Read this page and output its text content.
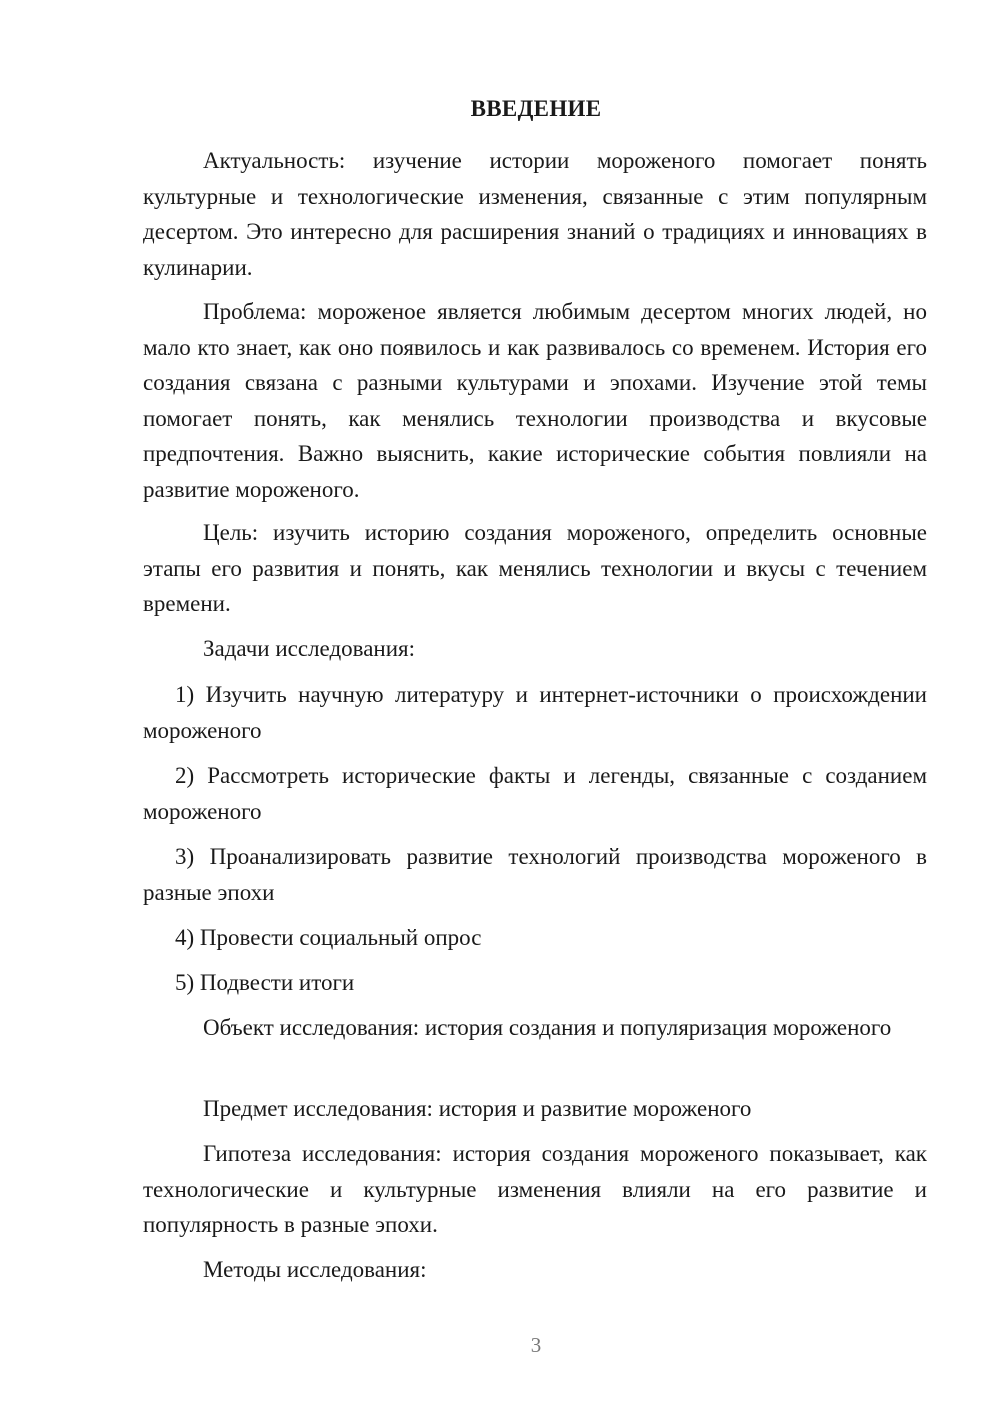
ВВЕДЕНИЕ
Актуальность: изучение истории мороженого помогает понять культурные и технологические изменения, связанные с этим популярным десертом. Это интересно для расширения знаний о традициях и инновациях в кулинарии.
Проблема: мороженое является любимым десертом многих людей, но мало кто знает, как оно появилось и как развивалось со временем. История его создания связана с разными культурами и эпохами. Изучение этой темы помогает понять, как менялись технологии производства и вкусовые предпочтения. Важно выяснить, какие исторические события повлияли на развитие мороженого.
Цель: изучить историю создания мороженого, определить основные этапы его развития и понять, как менялись технологии и вкусы с течением времени.
Задачи исследования:
1) Изучить научную литературу и интернет-источники о происхождении мороженого
2) Рассмотреть исторические факты и легенды, связанные с созданием мороженого
3) Проанализировать развитие технологий производства мороженого в разные эпохи
4) Провести социальный опрос
5) Подвести итоги
Объект исследования: история создания и популяризация мороженого
Предмет исследования: история и развитие мороженого
Гипотеза исследования: история создания мороженого показывает, как технологические и культурные изменения влияли на его развитие и популярность в разные эпохи.
Методы исследования:
3
